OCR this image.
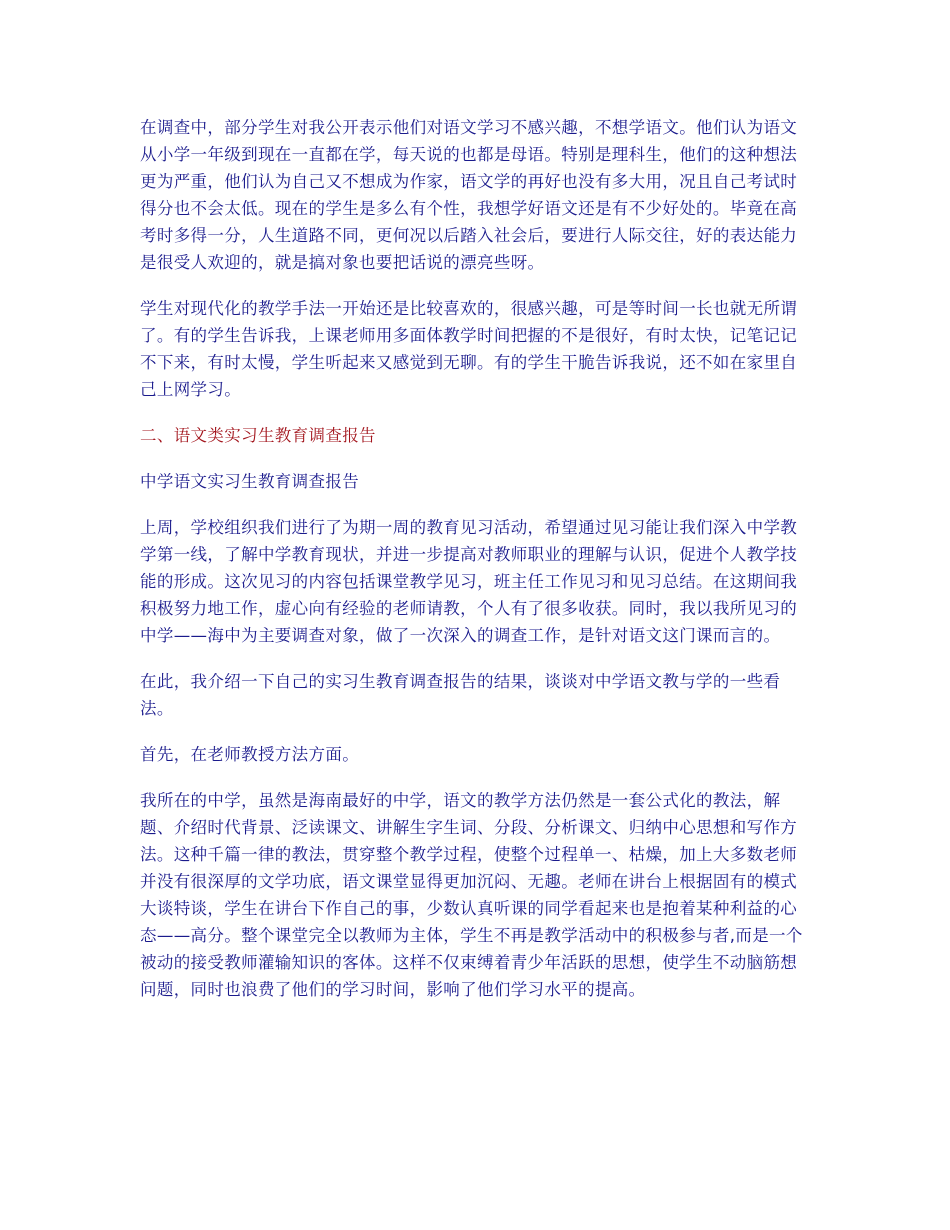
在调查中，部分学生对我公开表示他们对语文学习不感兴趣，不想学语文。他们认为语文从小学一年级到现在一直都在学，每天说的也都是母语。特别是理科生，他们的这种想法更为严重，他们认为自己又不想成为作家，语文学的再好也没有多大用，况且自己考试时得分也不会太低。现在的学生是多么有个性，我想学好语文还是有不少好处的。毕竟在高考时多得一分，人生道路不同，更何况以后踏入社会后，要进行人际交往，好的表达能力是很受人欢迎的，就是搞对象也要把话说的漂亮些呀。

学生对现代化的教学手法一开始还是比较喜欢的，很感兴趣，可是等时间一长也就无所谓了。有的学生告诉我，上课老师用多面体教学时间把握的不是很好，有时太快，记笔记记不下来，有时太慢，学生听起来又感觉到无聊。有的学生干脆告诉我说，还不如在家里自己上网学习。

二、语文类实习生教育调查报告

中学语文实习生教育调查报告

上周，学校组织我们进行了为期一周的教育见习活动，希望通过见习能让我们深入中学教学第一线，了解中学教育现状，并进一步提高对教师职业的理解与认识，促进个人教学技能的形成。这次见习的内容包括课堂教学见习，班主任工作见习和见习总结。在这期间我积极努力地工作，虚心向有经验的老师请教，个人有了很多收获。同时，我以我所见习的中学——海中为主要调查对象，做了一次深入的调查工作，是针对语文这门课而言的。

在此，我介绍一下自己的实习生教育调查报告的结果，谈谈对中学语文教与学的一些看法。

首先，在老师教授方法方面。

我所在的中学，虽然是海南最好的中学，语文的教学方法仍然是一套公式化的教法，解题、介绍时代背景、泛读课文、讲解生字生词、分段、分析课文、归纳中心思想和写作方法。这种千篇一律的教法，贯穿整个教学过程，使整个过程单一、枯燥，加上大多数老师并没有很深厚的文学功底，语文课堂显得更加沉闷、无趣。老师在讲台上根据固有的模式大谈特谈，学生在讲台下作自己的事，少数认真听课的同学看起来也是抱着某种利益的心态——高分。整个课堂完全以教师为主体，学生不再是教学活动中的积极参与者,而是一个被动的接受教师灌输知识的客体。这样不仅束缚着青少年活跃的思想，使学生不动脑筋想问题，同时也浪费了他们的学习时间，影响了他们学习水平的提高。
